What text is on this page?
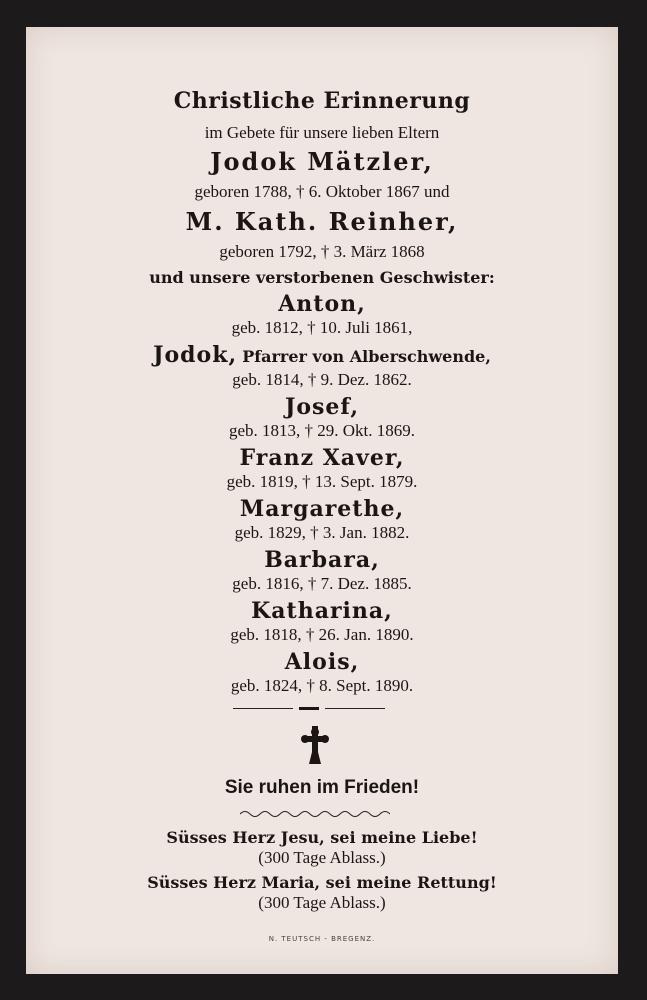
Christliche Erinnerung
im Gebete für unsere lieben Eltern
Jodok Mätzler,
geboren 1788, † 6. Oktober 1867 und
M. Kath. Reinher,
geboren 1792, † 3. März 1868
und unsere verstorbenen Geschwister:
Anton,
geb. 1812, † 10. Juli 1861,
Jodok, Pfarrer von Alberschwende,
geb. 1814, † 9. Dez. 1862.
Josef,
geb. 1813, † 29. Okt. 1869.
Franz Xaver,
geb. 1819, † 13. Sept. 1879.
Margarethe,
geb. 1829, † 3. Jan. 1882.
Barbara,
geb. 1816, † 7. Dez. 1885.
Katharina,
geb. 1818, † 26. Jan. 1890.
Alois,
geb. 1824, † 8. Sept. 1890.
Sie ruhen im Frieden!
Süsses Herz Jesu, sei meine Liebe!
(300 Tage Ablass.)
Süsses Herz Maria, sei meine Rettung!
(300 Tage Ablass.)
N. TEUTSCH - BREGENZ.
